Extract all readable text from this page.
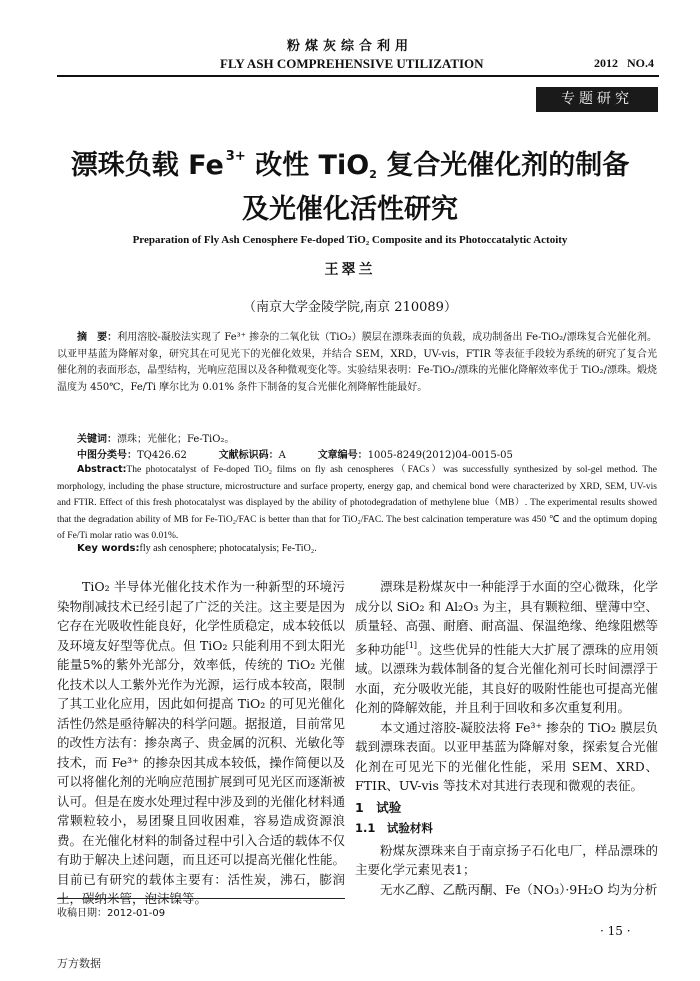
粉煤灰综合利用
FLY ASH COMPREHENSIVE UTILIZATION	2012   NO.4
专题研究
漂珠负载 Fe $^{3+}$ 改性 TiO$_2$ 复合光催化剂的制备
及光催化活性研究
Preparation of Fly Ash Cenosphere Fe-doped TiO₂ Composite and its Photoccatalytic Actoity
王翠兰
（南京大学金陵学院,南京 210089）
摘　要：利用溶胶-凝胶法实现了 Fe³⁺ 掺杂的二氧化钛（TiO₂）膜层在漂珠表面的负载，成功制备出 Fe-TiO₂/漂珠复合光催化剂。以亚甲基蓝为降解对象，研究其在可见光下的光催化效果，并结合 SEM，XRD，UV-vis，FTIR 等表征手段较为系统的研究了复合光催化剂的表面形态，晶型结构，光响应范围以及各种微观变化等。实验结果表明：Fe-TiO₂/漂珠的光催化降解效率优于 TiO₂/漂珠。煅烧温度为 450℃，Fe/Ti 摩尔比为 0.01% 条件下制备的复合光催化剂降解性能最好。
关键词：漂珠；光催化；Fe-TiO₂。
中图分类号：TQ426.62	文献标识码：A	文章编号：1005-8249(2012)04-0015-05
Abstract:The photocatalyst of Fe-doped TiO₂ films on fly ash cenospheres（FACs）was successfully synthesized by sol-gel method. The morphology, including the phase structure, microstructure and surface property, energy gap, and chemical bond were characterized by XRD, SEM, UV-vis and FTIR. Effect of this fresh photocatalyst was displayed by the ability of photodegradation of methylene blue（MB）. The experimental results showed that the degradation ability of MB for Fe-TiO₂/FAC is better than that for TiO₂/FAC. The best calcination temperature was 450 ℃ and the optimum doping of Fe/Ti molar ratio was 0.01%.
Key words:fly ash cenosphere; photocatalysis; Fe-TiO₂.

TiO₂ 半导体光催化技术作为一种新型的环境污染物削减技术已经引起了广泛的关注。这主要是因为它存在光吸收性能良好，化学性质稳定，成本较低以及环境友好型等优点。但 TiO₂ 只能利用不到太阳光能量5%的紫外光部分，效率低，传统的 TiO₂ 光催化技术以人工紫外光作为光源，运行成本较高，限制了其工业化应用，因此如何提高 TiO₂ 的可见光催化活性仍然是亟待解决的科学问题。据报道，目前常见的改性方法有：掺杂离子、贵金属的沉积、光敏化等技术，而 Fe³⁺ 的掺杂因其成本较低，操作简便以及可以将催化剂的光响应范围扩展到可见光区而逐渐被认可。但是在废水处理过程中涉及到的光催化材料通常颗粒较小，易团聚且回收困难，容易造成资源浪费。在光催化材料的制备过程中引入合适的载体不仅有助于解决上述问题，而且还可以提高光催化性能。目前已有研究的载体主要有：活性炭，沸石，膨润土，碳纳米管，泡沫镍等。

漂珠是粉煤灰中一种能浮于水面的空心微珠，化学成分以 SiO₂ 和 Al₂O₃ 为主，具有颗粒细、壁薄中空、质量轻、高强、耐磨、耐高温、保温绝缘、绝缘阻燃等多种功能[1]。这些优异的性能大大扩展了漂珠的应用领域。以漂珠为载体制备的复合光催化剂可长时间漂浮于水面，充分吸收光能，其良好的吸附性能也可提高光催化剂的降解效能，并且利于回收和多次重复利用。

本文通过溶胶-凝胶法将 Fe³⁺ 掺杂的 TiO₂ 膜层负载到漂珠表面。以亚甲基蓝为降解对象，探索复合光催化剂在可见光下的光催化性能，采用 SEM、XRD、FTIR、UV-vis 等技术对其进行表现和微观的表征。

1　试验

1.1　试验材料

粉煤灰漂珠来自于南京扬子石化电厂，样品漂珠的主要化学元素见表1；

无水乙醇、乙酰丙酮、Fe（NO₃）·9H₂O 均为分析

收稿日期：2012-01-09
· 15 ·
万方数据
